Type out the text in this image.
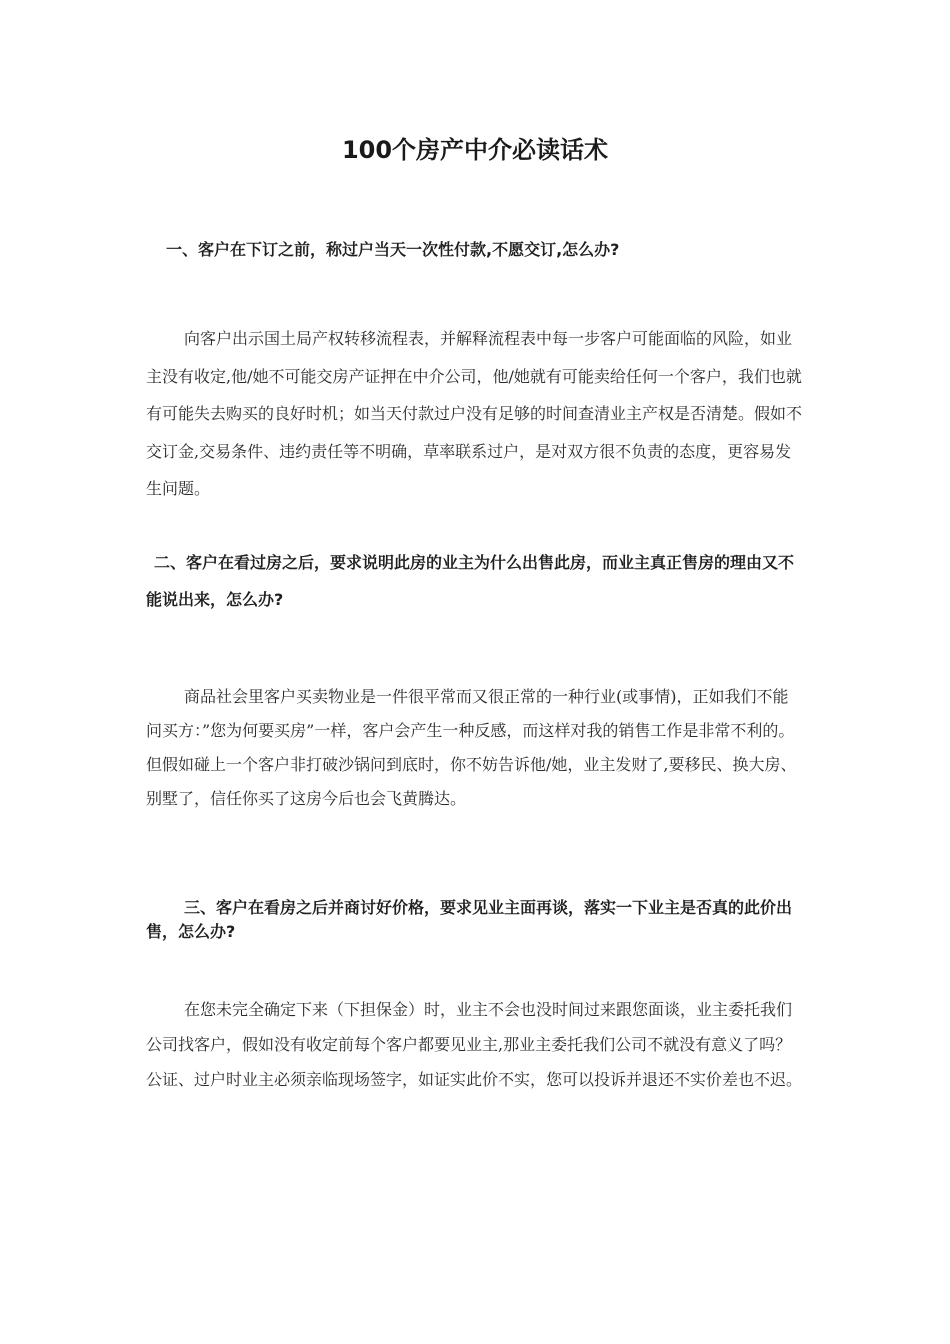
100个房产中介必读话术
一、客户在下订之前，称过户当天一次性付款,不愿交订,怎么办?
向客户出示国土局产权转移流程表，并解释流程表中每一步客户可能面临的风险，如业主没有收定,他/她不可能交房产证押在中介公司，他/她就有可能卖给任何一个客户，我们也就有可能失去购买的良好时机；如当天付款过户没有足够的时间查清业主产权是否清楚。假如不交订金,交易条件、违约责任等不明确，草率联系过户，是对双方很不负责的态度，更容易发生问题。
二、客户在看过房之后，要求说明此房的业主为什么出售此房，而业主真正售房的理由又不能说出来，怎么办?
商品社会里客户买卖物业是一件很平常而又很正常的一种行业(或事情)，正如我们不能问买方：”您为何要买房”一样，客户会产生一种反感，而这样对我的销售工作是非常不利的。但假如碰上一个客户非打破沙锅问到底时，你不妨告诉他/她，业主发财了,要移民、换大房、别墅了，信任你买了这房今后也会飞黄腾达。
三、客户在看房之后并商讨好价格，要求见业主面再谈，落实一下业主是否真的此价出售，怎么办?
在您未完全确定下来（下担保金）时，业主不会也没时间过来跟您面谈，业主委托我们公司找客户，假如没有收定前每个客户都要见业主,那业主委托我们公司不就没有意义了吗？公证、过户时业主必须亲临现场签字，如证实此价不实，您可以投诉并退还不实价差也不迟。
